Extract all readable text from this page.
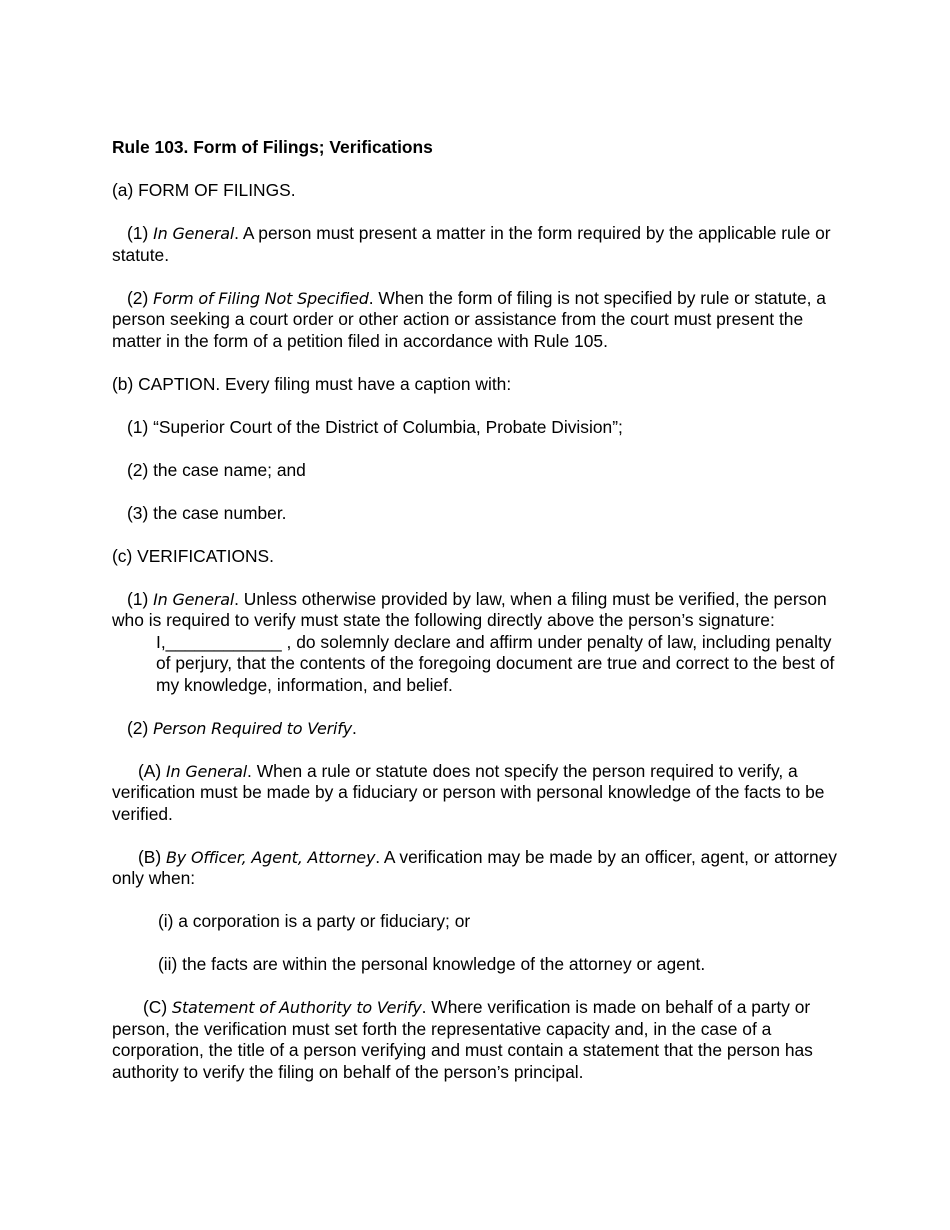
Rule 103. Form of Filings; Verifications

(a) FORM OF FILINGS.

(1) In General. A person must present a matter in the form required by the applicable rule or statute.

(2) Form of Filing Not Specified. When the form of filing is not specified by rule or statute, a person seeking a court order or other action or assistance from the court must present the matter in the form of a petition filed in accordance with Rule 105.

(b) CAPTION. Every filing must have a caption with:

(1) “Superior Court of the District of Columbia, Probate Division”;

(2) the case name; and

(3) the case number.

(c) VERIFICATIONS.

(1) In General. Unless otherwise provided by law, when a filing must be verified, the person who is required to verify must state the following directly above the person’s signature:

I,____________ , do solemnly declare and affirm under penalty of law, including penalty of perjury, that the contents of the foregoing document are true and correct to the best of my knowledge, information, and belief.

(2) Person Required to Verify.

(A) In General. When a rule or statute does not specify the person required to verify, a verification must be made by a fiduciary or person with personal knowledge of the facts to be verified.

(B) By Officer, Agent, Attorney. A verification may be made by an officer, agent, or attorney only when:

(i) a corporation is a party or fiduciary; or

(ii) the facts are within the personal knowledge of the attorney or agent.

(C) Statement of Authority to Verify. Where verification is made on behalf of a party or person, the verification must set forth the representative capacity and, in the case of a corporation, the title of a person verifying and must contain a statement that the person has authority to verify the filing on behalf of the person’s principal.
